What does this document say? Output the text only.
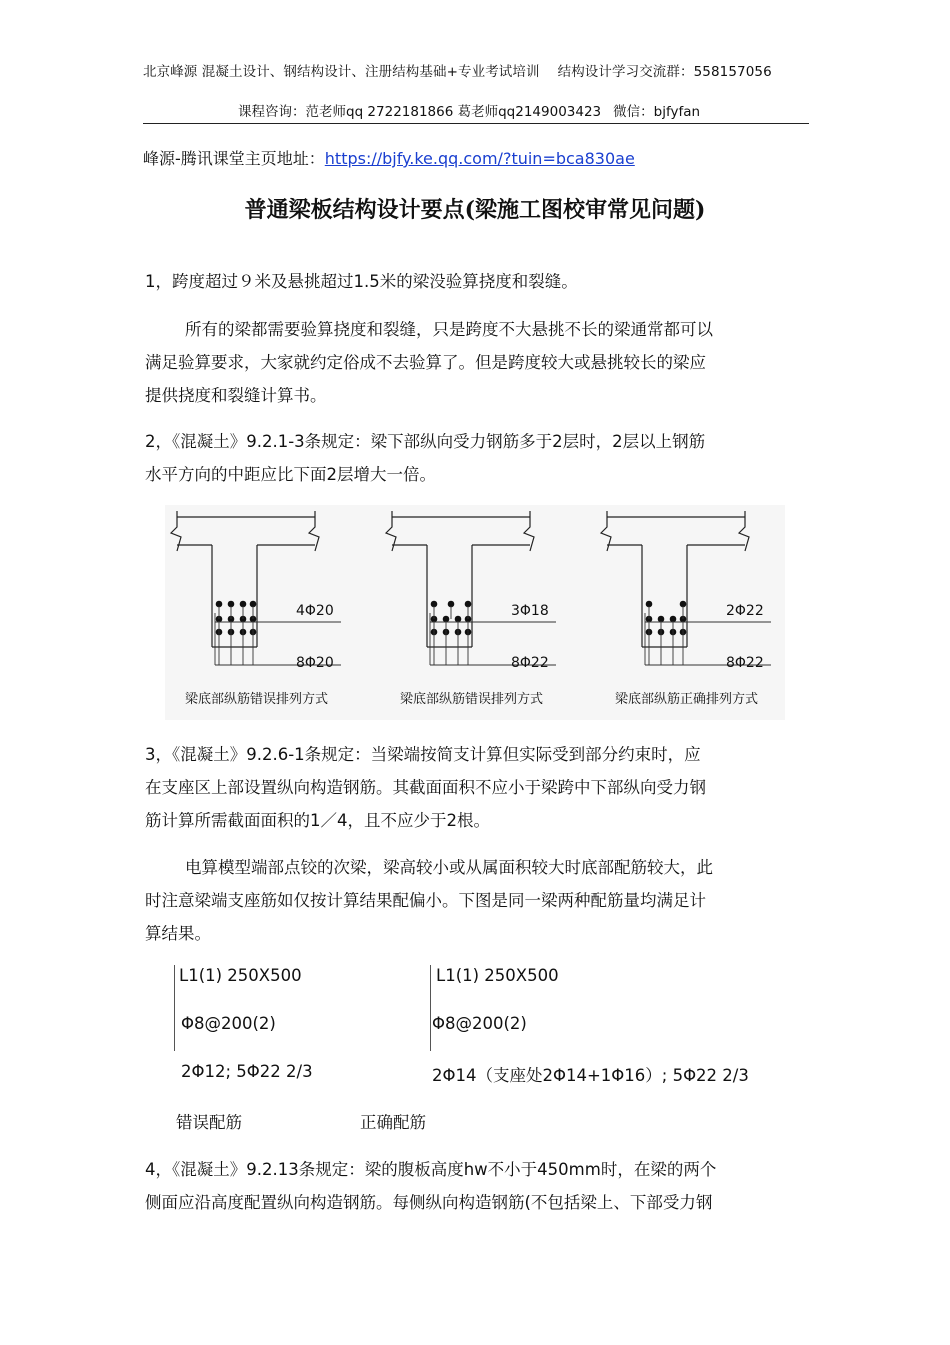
北京峰源 混凝土设计、钢结构设计、注册结构基础+专业考试培训 结构设计学习交流群：558157056
课程咨询：范老师qq 2722181866 葛老师qq2149003423 微信：bjfyfan
峰源-腾讯课堂主页地址：https://bjfy.ke.qq.com/?tuin=bca830ae
普通梁板结构设计要点(梁施工图校审常见问题)
1，跨度超过９米及悬挑超过1.5米的梁没验算挠度和裂缝。
所有的梁都需要验算挠度和裂缝，只是跨度不大悬挑不长的梁通常都可以
满足验算要求，大家就约定俗成不去验算了。但是跨度较大或悬挑较长的梁应
提供挠度和裂缝计算书。
2，《混凝土》9.2.1-3条规定：梁下部纵向受力钢筋多于2层时，2层以上钢筋
水平方向的中距应比下面2层增大一倍。
4Φ20
8Φ20
梁底部纵筋错误排列方式
3Φ18
8Φ22
梁底部纵筋错误排列方式
2Φ22
8Φ22
梁底部纵筋正确排列方式
3，《混凝土》9.2.6-1条规定：当梁端按简支计算但实际受到部分约束时，应
在支座区上部设置纵向构造钢筋。其截面面积不应小于梁跨中下部纵向受力钢
筋计算所需截面面积的1／4，且不应少于2根。
电算模型端部点铰的次梁，梁高较小或从属面积较大时底部配筋较大，此
时注意梁端支座筋如仅按计算结果配偏小。下图是同一梁两种配筋量均满足计
算结果。
L1(1) 250X500
Φ8@200(2)
2Φ12; 5Φ22 2/3
L1(1) 250X500
Φ8@200(2)
2Φ14（支座处2Φ14+1Φ16）; 5Φ22 2/3
错误配筋	正确配筋
4，《混凝土》9.2.13条规定：梁的腹板高度hw不小于450mm时，在梁的两个
侧面应沿高度配置纵向构造钢筋。每侧纵向构造钢筋(不包括梁上、下部受力钢
